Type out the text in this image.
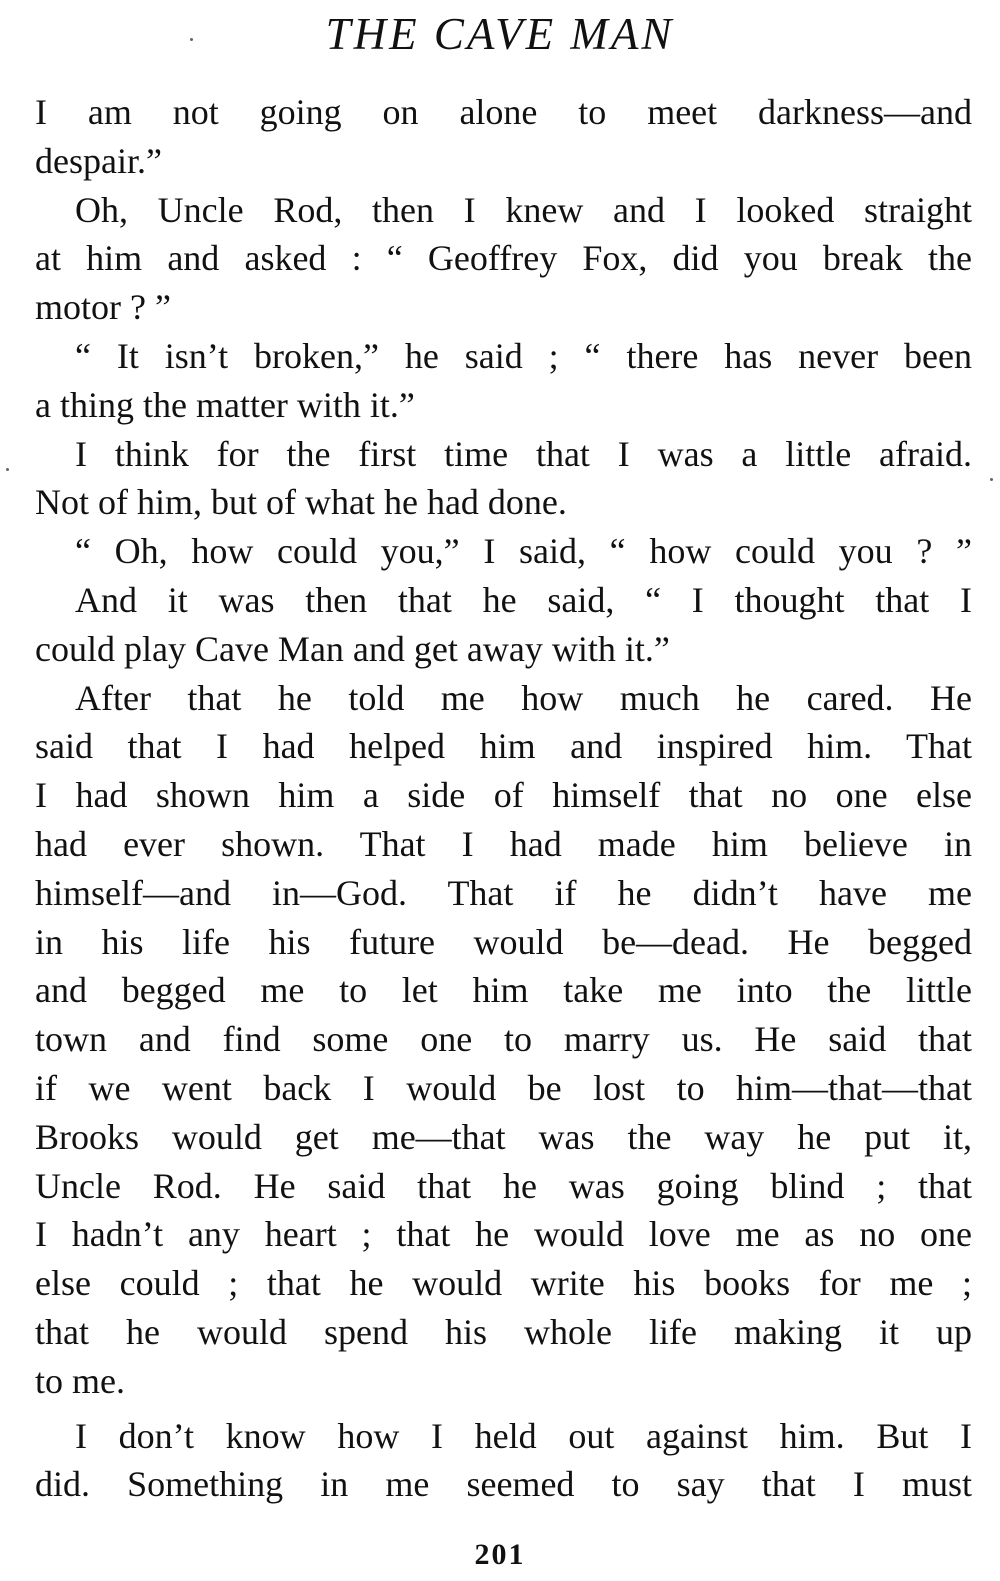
THE CAVE MAN
I am not going on alone to meet darkness—and
despair.”
Oh, Uncle Rod, then I knew and I looked straight
at him and asked : “ Geoffrey Fox, did you break the
motor ? ”
“ It isn’t broken,” he said ; “ there has never been
a thing the matter with it.”
I think for the first time that I was a little afraid.
Not of him, but of what he had done.
“ Oh, how could you,” I said, “ how could you ? ”
And it was then that he said, “ I thought that I
could play Cave Man and get away with it.”
After that he told me how much he cared. He
said that I had helped him and inspired him. That
I had shown him a side of himself that no one else
had ever shown. That I had made him believe in
himself—and in—God. That if he didn’t have me
in his life his future would be—dead. He begged
and begged me to let him take me into the little
town and find some one to marry us. He said that
if we went back I would be lost to him—that—that
Brooks would get me—that was the way he put it,
Uncle Rod. He said that he was going blind ; that
I hadn’t any heart ; that he would love me as no one
else could ; that he would write his books for me ;
that he would spend his whole life making it up
to me.
I don’t know how I held out against him. But I
did. Something in me seemed to say that I must
201
